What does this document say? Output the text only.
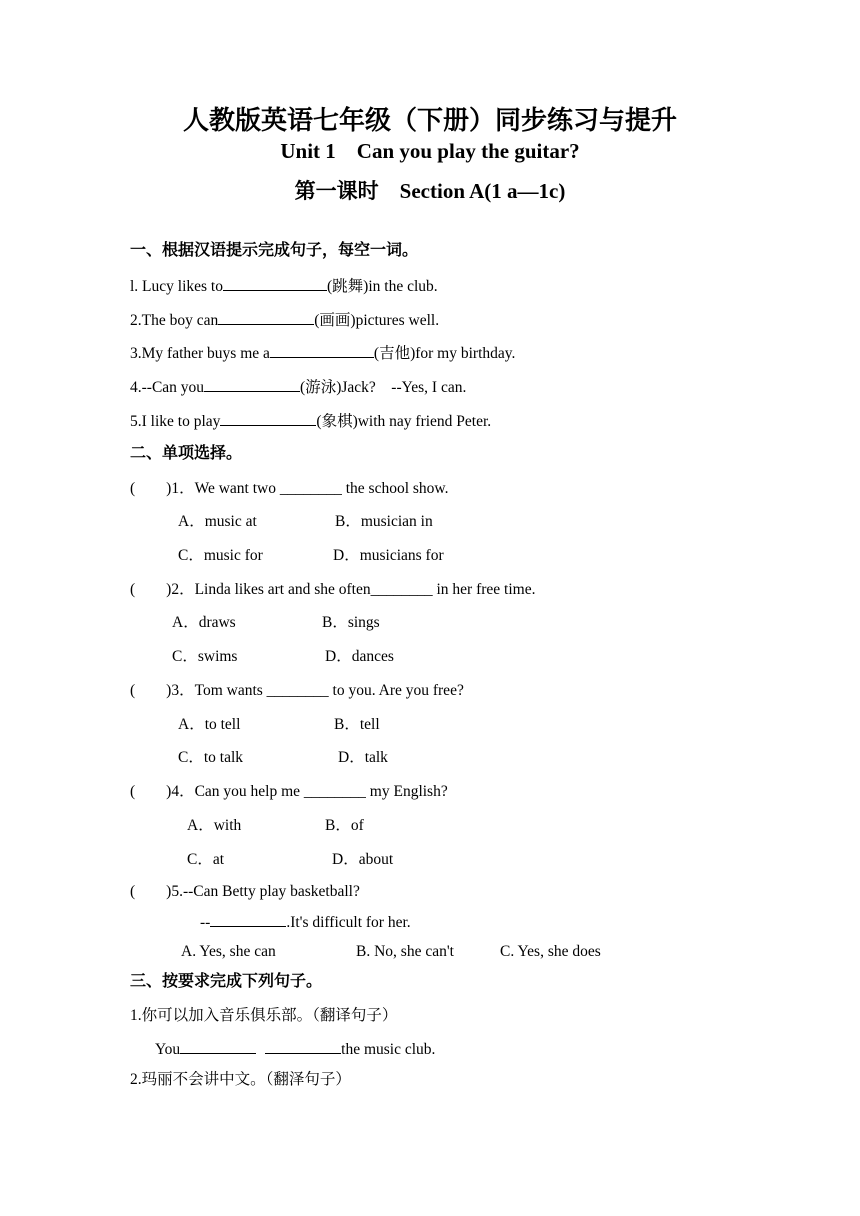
人教版英语七年级（下册）同步练习与提升
Unit 1    Can you play the guitar?
第一课时    Section A(1 a—1c)
一、根据汉语提示完成句子，每空一词。
l. Lucy likes to	(跳舞)in the club.
2.The boy can	(画画)pictures well.
3.My father buys me a	(吉他)for my birthday.
4.--Can you	(游泳)Jack?    --Yes, I can.
5.I like to play	(象棋)with nay friend Peter.
二、单项选择。
(        )1．We want two ________ the school show.
A．music at	B．musician in
C．music for	D．musicians for
(        )2．Linda likes art and she often________ in her free time.
A．draws	B．sings
C．swims	D．dances
(        )3．Tom wants ________ to you. Are you free?
A．to tell	B．tell
C．to talk	D．talk
(        )4．Can you help me ________ my English?
A．with	B．of
C．at	D．about
(        )5.--Can Betty play basketball?
--	.It's difficult for her.
A. Yes, she can	B. No, she can't	C. Yes, she does
三、按要求完成下列句子。
1.你可以加入音乐俱乐部。（翻译句子）
You	the music club.
2.玛丽不会讲中文。（翻泽句子）
